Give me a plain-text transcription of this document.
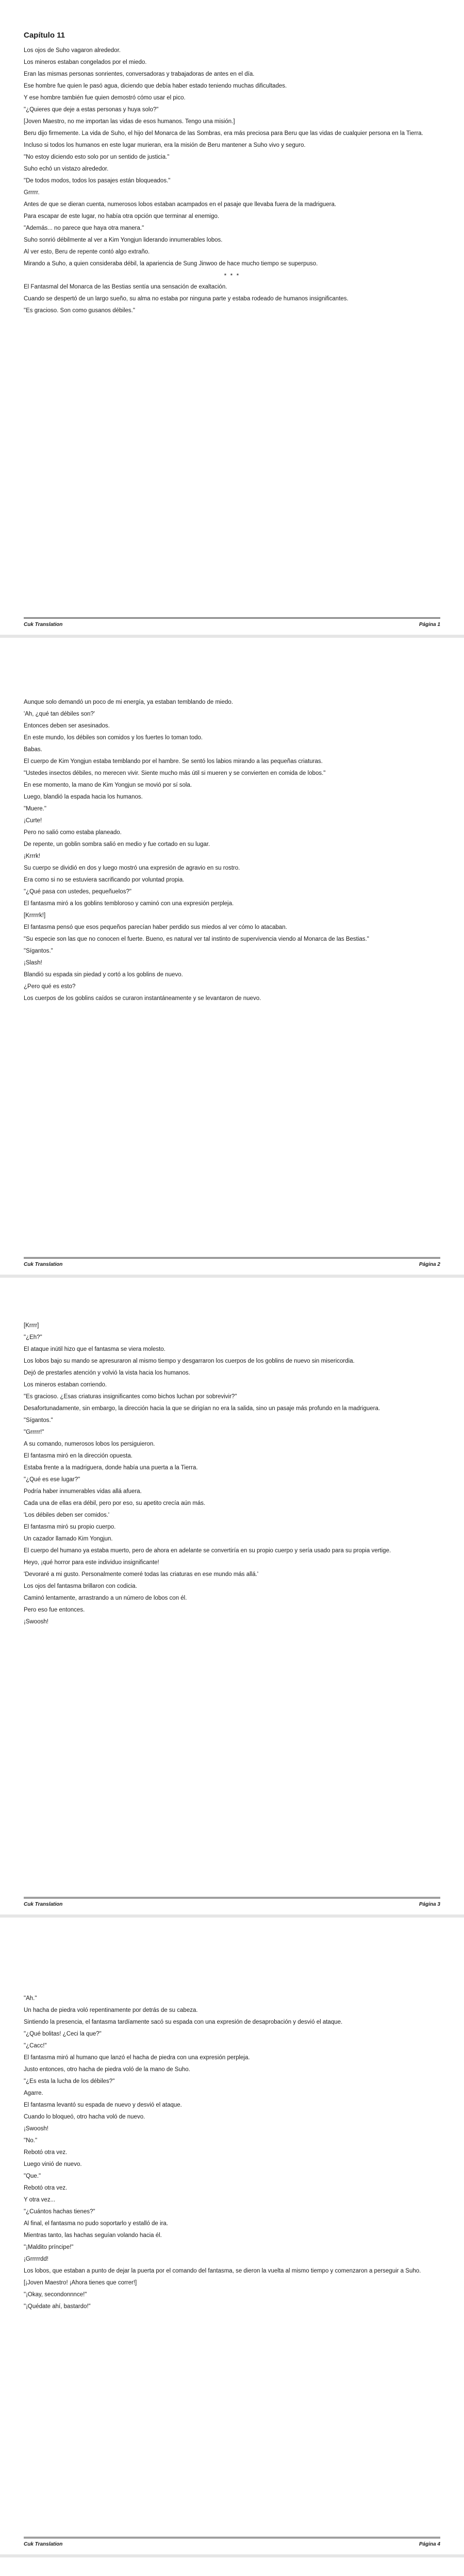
Capítulo 11

Los ojos de Suho vagaron alrededor.

Los mineros estaban congelados por el miedo.

Eran las mismas personas sonrientes, conversadoras y trabajadoras de antes en el día.

Ese hombre fue quien le pasó agua, diciendo que debía haber estado teniendo muchas dificultades.

Y ese hombre también fue quien demostró cómo usar el pico.

"¿Quieres que deje a estas personas y huya solo?"

[Joven Maestro, no me importan las vidas de esos humanos. Tengo una misión.]

Beru dijo firmemente. La vida de Suho, el hijo del Monarca de las Sombras, era más preciosa para Beru que las vidas de cualquier persona en la Tierra.

Incluso si todos los humanos en este lugar murieran, era la misión de Beru mantener a Suho vivo y seguro.

"No estoy diciendo esto solo por un sentido de justicia."

Suho echó un vistazo alrededor.

"De todos modos, todos los pasajes están bloqueados."

Grrrrr.

Antes de que se dieran cuenta, numerosos lobos estaban acampados en el pasaje que llevaba fuera de la madriguera.

Para escapar de este lugar, no había otra opción que terminar al enemigo.

"Además... no parece que haya otra manera."

Suho sonrió débilmente al ver a Kim Yongjun liderando innumerables lobos.

Al ver esto, Beru de repente contó algo extraño.

Mirando a Suho, a quien consideraba débil, la apariencia de Sung Jinwoo de hace mucho tiempo se superpuso.

* * *

El Fantasmal del Monarca de las Bestias sentía una sensación de exaltación.

Cuando se despertó de un largo sueño, su alma no estaba por ninguna parte y estaba rodeado de humanos insignificantes.

"Es gracioso. Son como gusanos débiles."

Cuk Translation	Página 1

Aunque solo demandó un poco de mi energía, ya estaban temblando de miedo.

'Ah, ¿qué tan débiles son?'

Entonces deben ser asesinados.

En este mundo, los débiles son comidos y los fuertes lo toman todo.

Babas.

El cuerpo de Kim Yongjun estaba temblando por el hambre. Se sentó los labios mirando a las pequeñas criaturas.

"Ustedes insectos débiles, no merecen vivir. Siente mucho más útil si mueren y se convierten en comida de lobos."

En ese momento, la mano de Kim Yongjun se movió por sí sola.

Luego, blandió la espada hacia los humanos.

"Muere."

¡Curte!

Pero no salió como estaba planeado.

De repente, un goblin sombra salió en medio y fue cortado en su lugar.

¡Krrrk!

Su cuerpo se dividió en dos y luego mostró una expresión de agravio en su rostro.

Era como si no se estuviera sacrificando por voluntad propia.

"¿Qué pasa con ustedes, pequeñuelos?"

El fantasma miró a los goblins tembloroso y caminó con una expresión perpleja.

[Krrrrrk!]

El fantasma pensó que esos pequeños parecían haber perdido sus miedos al ver cómo lo atacaban.

"Su especie son las que no conocen el fuerte. Bueno, es natural ver tal instinto de supervivencia viendo al Monarca de las Bestias."

"Sígantos."

¡Slash!

Blandió su espada sin piedad y cortó a los goblins de nuevo.

¿Pero qué es esto?

Los cuerpos de los goblins caídos se curaron instantáneamente y se levantaron de nuevo.

Cuk Translation	Página 2

[Krrrr]

"¿Eh?"

El ataque inútil hizo que el fantasma se viera molesto.

Los lobos bajo su mando se apresuraron al mismo tiempo y desgarraron los cuerpos de los goblins de nuevo sin misericordia.

Dejó de prestarles atención y volvió la vista hacia los humanos.

Los mineros estaban corriendo.

"Es gracioso. ¿Esas criaturas insignificantes como bichos luchan por sobrevivir?"

Desafortunadamente, sin embargo, la dirección hacia la que se dirigían no era la salida, sino un pasaje más profundo en la madriguera.

"Sígantos."

"Grrrrr!"

A su comando, numerosos lobos los persiguieron.

El fantasma miró en la dirección opuesta.

Estaba frente a la madriguera, donde había una puerta a la Tierra.

"¿Qué es ese lugar?"

Podría haber innumerables vidas allá afuera.

Cada una de ellas era débil, pero por eso, su apetito crecía aún más.

'Los débiles deben ser comidos.'

El fantasma miró su propio cuerpo.

Un cazador llamado Kim Yongjun.

El cuerpo del humano ya estaba muerto, pero de ahora en adelante se convertiría en su propio cuerpo y sería usado para su propia vertige.

Heyo, ¡qué horror para este individuo insignificante!

'Devoraré a mi gusto. Personalmente comeré todas las criaturas en ese mundo más allá.'

Los ojos del fantasma brillaron con codicia.

Caminó lentamente, arrastrando a un número de lobos con él.

Pero eso fue entonces.

¡Swoosh!

Cuk Translation	Página 3

"Ah."

Un hacha de piedra voló repentinamente por detrás de su cabeza.

Sintiendo la presencia, el fantasma tardíamente sacó su espada con una expresión de desaprobación y desvió el ataque.

"¿Qué bolitas! ¿Ceci la que?"

"¿Cacc!"

El fantasma miró al humano que lanzó el hacha de piedra con una expresión perpleja.

Justo entonces, otro hacha de piedra voló de la mano de Suho.

"¿Es esta la lucha de los débiles?"

Agarre.

El fantasma levantó su espada de nuevo y desvió el ataque.

Cuando lo bloqueó, otro hacha voló de nuevo.

¡Swoosh!

"No."

Rebotó otra vez.

Luego vinió de nuevo.

"Que."

Rebotó otra vez.

Y otra vez...

"¿Cuántos hachas tienes?"

Al final, el fantasma no pudo soportarlo y estalló de ira.

Mientras tanto, las hachas seguían volando hacia él.

"¡Maldito príncipe!"

¡Grrrrrdd!

Los lobos, que estaban a punto de dejar la puerta por el comando del fantasma, se dieron la vuelta al mismo tiempo y comenzaron a perseguir a Suho.

[¡Joven Maestro! ¡Ahora tienes que correr!]

"¡Okay, secondonnnce!"

"¡Quédate ahí, bastardo!"

Cuk Translation	Página 4
